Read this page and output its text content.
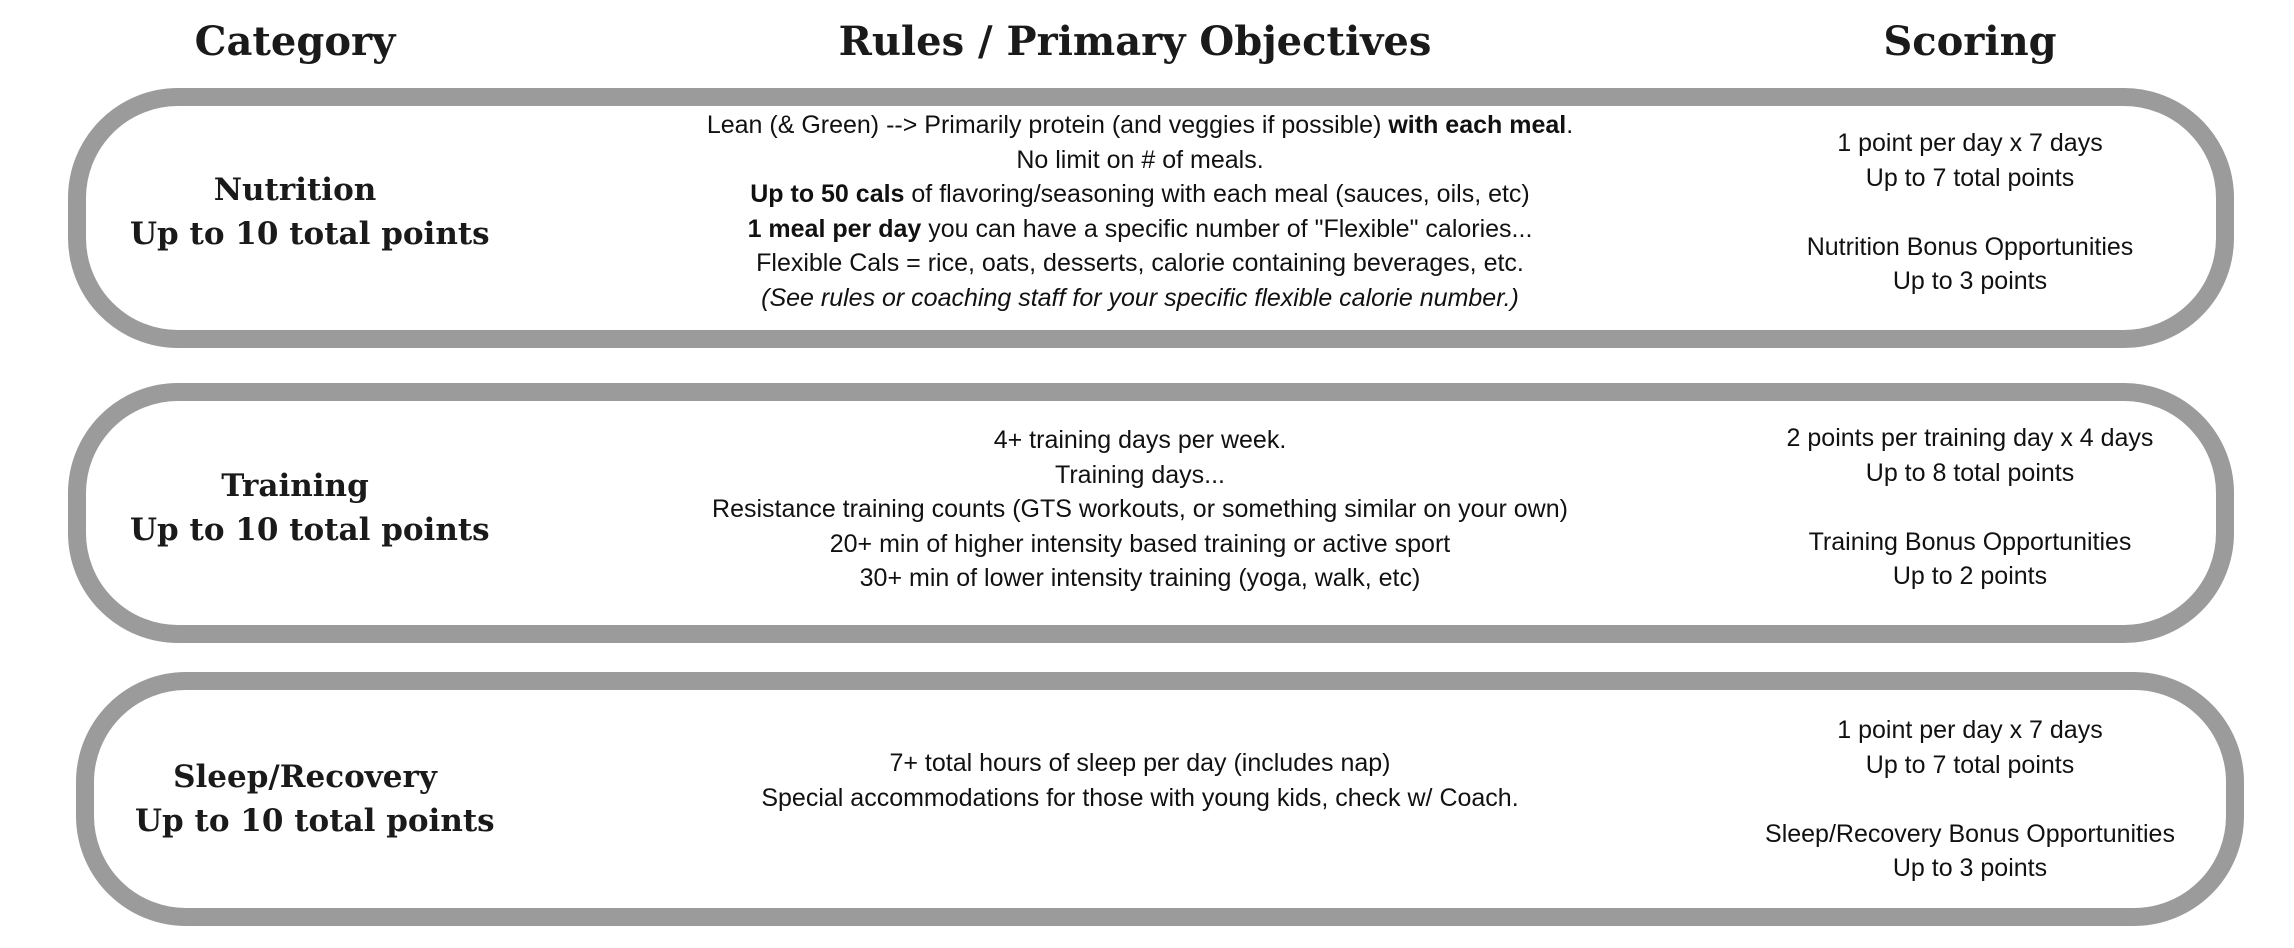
Category	Rules / Primary Objectives	Scoring
Nutrition
Up to 10 total points
Lean (& Green) --> Primarily protein (and veggies if possible) with each meal.
No limit on # of meals.
Up to 50 cals of flavoring/seasoning with each meal (sauces, oils, etc)
1 meal per day you can have a specific number of "Flexible" calories...
Flexible Cals = rice, oats, desserts, calorie containing beverages, etc.
(See rules or coaching staff for your specific flexible calorie number.)
1 point per day x 7 days
Up to 7 total points
Nutrition Bonus Opportunities
Up to 3 points
Training
Up to 10 total points
4+ training days per week.
Training days...
Resistance training counts (GTS workouts, or something similar on your own)
20+ min of higher intensity based training or active sport
30+ min of lower intensity training (yoga, walk, etc)
2 points per training day x 4 days
Up to 8 total points
Training Bonus Opportunities
Up to 2 points
Sleep/Recovery
Up to 10 total points
7+ total hours of sleep per day (includes nap)
Special accommodations for those with young kids, check w/ Coach.
1 point per day x 7 days
Up to 7 total points
Sleep/Recovery Bonus Opportunities
Up to 3 points
